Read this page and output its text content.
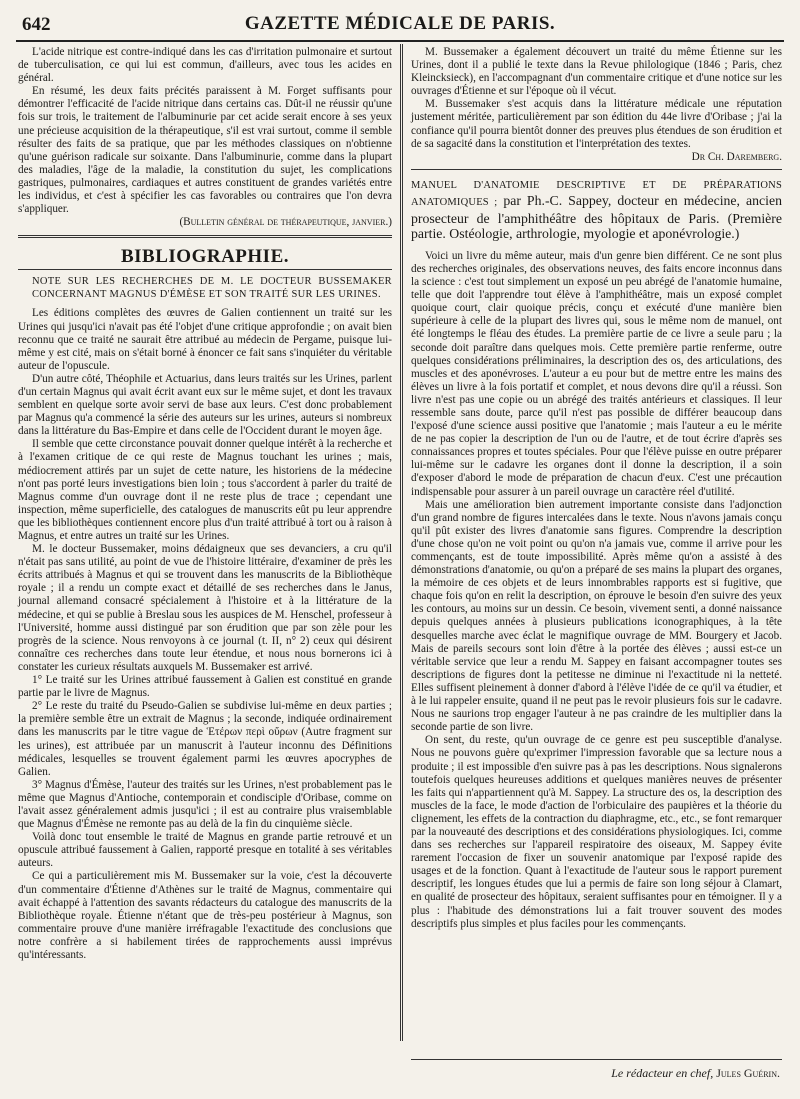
642	GAZETTE MÉDICALE DE PARIS.

L'acide nitrique est contre-indiqué dans les cas d'irritation pulmonaire et surtout de tuberculisation, ce qui lui est commun, d'ailleurs, avec tous les acides en général.

En résumé, les deux faits précités paraissent à M. Forget suffisants pour démontrer l'efficacité de l'acide nitrique dans certains cas. Dût-il ne réussir qu'une fois sur trois, le traitement de l'albuminurie par cet acide serait encore à ses yeux une précieuse acquisition de la thérapeutique, s'il est vrai surtout, comme il semble résulter des faits de sa pratique, que par les méthodes classiques on n'obtienne qu'une guérison radicale sur soixante. Dans l'albuminurie, comme dans la plupart des maladies, l'âge de la maladie, la constitution du sujet, les complications gastriques, pulmonaires, cardiaques et autres constituent de grandes variétés entre les individus, et c'est à spécifier les cas favorables ou contraires que l'on devra s'appliquer.

(Bulletin général de thérapeutique, janvier.)

BIBLIOGRAPHIE.

NOTE SUR LES RECHERCHES DE M. LE DOCTEUR BUSSEMAKER CONCERNANT MAGNUS D'ÉMÈSE ET SON TRAITÉ SUR LES URINES.

Les éditions complètes des œuvres de Galien contiennent un traité sur les Urines qui jusqu'ici n'avait pas été l'objet d'une critique approfondie ; on avait bien reconnu que ce traité ne saurait être attribué au médecin de Pergame, puisque lui-même y est cité, mais on s'était borné à énoncer ce fait sans s'inquiéter du véritable auteur de l'opuscule.

D'un autre côté, Théophile et Actuarius, dans leurs traités sur les Urines, parlent d'un certain Magnus qui avait écrit avant eux sur le même sujet, et dont les travaux semblent en quelque sorte avoir servi de base aux leurs. C'est donc probablement par Magnus qu'a commencé la série des auteurs sur les urines, auteurs si nombreux dans la littérature du Bas-Empire et dans celle de l'Occident durant le moyen âge.

Il semble que cette circonstance pouvait donner quelque intérêt à la recherche et à l'examen critique de ce qui reste de Magnus touchant les urines ; mais, médiocrement attirés par un sujet de cette nature, les historiens de la médecine n'ont pas porté leurs investigations bien loin ; tous s'accordent à parler du traité de Magnus comme d'un ouvrage dont il ne reste plus de trace ; cependant une inspection, même superficielle, des catalogues de manuscrits eût pu leur apprendre que les bibliothèques contiennent encore plus d'un traité attribué à tort ou à raison à Magnus, et entre autres un traité sur les Urines.

M. le docteur Bussemaker, moins dédaigneux que ses devanciers, a cru qu'il n'était pas sans utilité, au point de vue de l'histoire littéraire, d'examiner de près les écrits attribués à Magnus et qui se trouvent dans les manuscrits de la Bibliothèque royale ; il a rendu un compte exact et détaillé de ses recherches dans le Janus, journal allemand consacré spécialement à l'histoire et à la littérature de la médecine, et qui se publie à Breslau sous les auspices de M. Henschel, professeur à l'Université, homme aussi distingué par son érudition que par son zèle pour les progrès de la science. Nous renvoyons à ce journal (t. II, n° 2) ceux qui désirent connaître ces recherches dans toute leur étendue, et nous nous bornerons ici à constater les curieux résultats auxquels M. Bussemaker est arrivé.

1° Le traité sur les Urines attribué faussement à Galien est constitué en grande partie par le livre de Magnus.

2° Le reste du traité du Pseudo-Galien se subdivise lui-même en deux parties ; la première semble être un extrait de Magnus ; la seconde, indiquée ordinairement dans les manuscrits par le titre vague de Ἑτέρων περὶ οὔρων (Autre fragment sur les urines), est attribuée par un manuscrit à l'auteur inconnu des Définitions médicales, lesquelles se trouvent également parmi les œuvres apocryphes de Galien.

3° Magnus d'Émèse, l'auteur des traités sur les Urines, n'est probablement pas le même que Magnus d'Antioche, contemporain et condisciple d'Oribase, comme on l'avait assez généralement admis jusqu'ici ; il est au contraire plus vraisemblable que Magnus d'Émèse ne remonte pas au delà de la fin du cinquième siècle.

Voilà donc tout ensemble le traité de Magnus en grande partie retrouvé et un opuscule attribué faussement à Galien, rapporté presque en totalité à ses véritables auteurs.

Ce qui a particulièrement mis M. Bussemaker sur la voie, c'est la découverte d'un commentaire d'Étienne d'Athènes sur le traité de Magnus, commentaire qui avait échappé à l'attention des savants rédacteurs du catalogue des manuscrits de la Bibliothèque royale. Étienne n'étant que de très-peu postérieur à Magnus, son commentaire prouve d'une manière irréfragable l'exactitude des conclusions que notre confrère a si habilement tirées de rapprochements aussi imprévus qu'intéressants.

M. Bussemaker a également découvert un traité du même Étienne sur les Urines, dont il a publié le texte dans la Revue philologique (1846 ; Paris, chez Kleincksieck), en l'accompagnant d'un commentaire critique et d'une notice sur les ouvrages d'Étienne et sur l'époque où il vécut.

M. Bussemaker s'est acquis dans la littérature médicale une réputation justement méritée, particulièrement par son édition du 44e livre d'Oribase ; j'ai la confiance qu'il pourra bientôt donner des preuves plus étendues de son érudition et de sa sagacité dans la constitution et l'interprétation des textes.

Dr Ch. Daremberg.

MANUEL D'ANATOMIE DESCRIPTIVE ET DE PRÉPARATIONS ANATOMIQUES ; par Ph.-C. Sappey, docteur en médecine, ancien prosecteur de l'amphithéâtre des hôpitaux de Paris. (Première partie. Ostéologie, arthrologie, myologie et aponévrologie.)

Voici un livre du même auteur, mais d'un genre bien différent. Ce ne sont plus des recherches originales, des observations neuves, des faits encore inconnus dans la science : c'est tout simplement un exposé un peu abrégé de l'anatomie humaine, telle que doit l'apprendre tout élève à l'amphithéâtre, mais un exposé complet quoique court, clair quoique précis, conçu et exécuté d'une manière bien supérieure à celle de la plupart des livres qui, sous le même nom de manuel, ont été longtemps le fléau des études. La première partie de ce livre a seule paru ; la seconde doit paraître dans quelques mois. Cette première partie renferme, outre quelques considérations préliminaires, la description des os, des articulations, des muscles et des aponévroses. L'auteur a eu pour but de mettre entre les mains des élèves un livre à la fois portatif et complet, et nous devons dire qu'il a réussi. Son livre n'est pas une copie ou un abrégé des traités antérieurs et classiques. Il leur ressemble sans doute, parce qu'il n'est pas possible de différer beaucoup dans l'exposé d'une science aussi positive que l'anatomie ; mais l'auteur a eu le mérite de ne pas copier la description de l'un ou de l'autre, et de tout écrire d'après ses connaissances propres et toutes spéciales. Pour que l'élève puisse en outre préparer lui-même sur le cadavre les organes dont il donne la description, il a soin d'exposer d'abord le mode de préparation de chacun d'eux. C'est une précaution indispensable pour assurer à un pareil ouvrage un caractère réel d'utilité.

Mais une amélioration bien autrement importante consiste dans l'adjonction d'un grand nombre de figures intercalées dans le texte. Nous n'avons jamais conçu qu'il pût exister des livres d'anatomie sans figures. Comprendre la description d'une chose qu'on ne voit point ou qu'on n'a jamais vue, comme il arrive pour les commençants, est de toute impossibilité. Après même qu'on a assisté à des démonstrations d'anatomie, ou qu'on a préparé de ses mains la plupart des organes, la mémoire de ces objets et de leurs innombrables rapports est si fugitive, que chaque fois qu'on en relit la description, on éprouve le besoin d'en suivre des yeux les contours, au moins sur un dessin. Ce besoin, vivement senti, a donné naissance depuis quelques années à plusieurs publications iconographiques, à la tête desquelles marche avec éclat le magnifique ouvrage de MM. Bourgery et Jacob. Mais de pareils secours sont loin d'être à la portée des élèves ; aussi est-ce un véritable service que leur a rendu M. Sappey en faisant accompagner toutes ses descriptions de figures dont la petitesse ne diminue ni l'exactitude ni la netteté. Elles suffisent pleinement à donner d'abord à l'élève l'idée de ce qu'il va étudier, et à le lui rappeler ensuite, quand il ne peut pas le revoir plusieurs fois sur le cadavre. Nous ne saurions trop engager l'auteur à ne pas craindre de les multiplier dans la seconde partie de son livre.

On sent, du reste, qu'un ouvrage de ce genre est peu susceptible d'analyse. Nous ne pouvons guère qu'exprimer l'impression favorable que sa lecture nous a produite ; il est impossible d'en suivre pas à pas les descriptions. Nous signalerons toutefois quelques heureuses additions et quelques manières neuves de présenter les faits qui n'appartiennent qu'à M. Sappey. La structure des os, la description des muscles de la face, le mode d'action de l'orbiculaire des paupières et la théorie du clignement, les effets de la contraction du diaphragme, etc., etc., se font remarquer par la nouveauté des descriptions et des considérations physiologiques. Ici, comme dans ses recherches sur l'appareil respiratoire des oiseaux, M. Sappey évite rarement l'occasion de fixer un souvenir anatomique par l'exposé rapide des usages et de la fonction. Quant à l'exactitude de l'auteur sous le rapport purement descriptif, les longues études que lui a permis de faire son long séjour à Clamart, en qualité de prosecteur des hôpitaux, seraient suffisantes pour en témoigner. Il y a plus : l'habitude des démonstrations lui a fait trouver souvent des modes descriptifs plus simples et plus faciles pour les commençants.

Le rédacteur en chef, Jules Guérin.
